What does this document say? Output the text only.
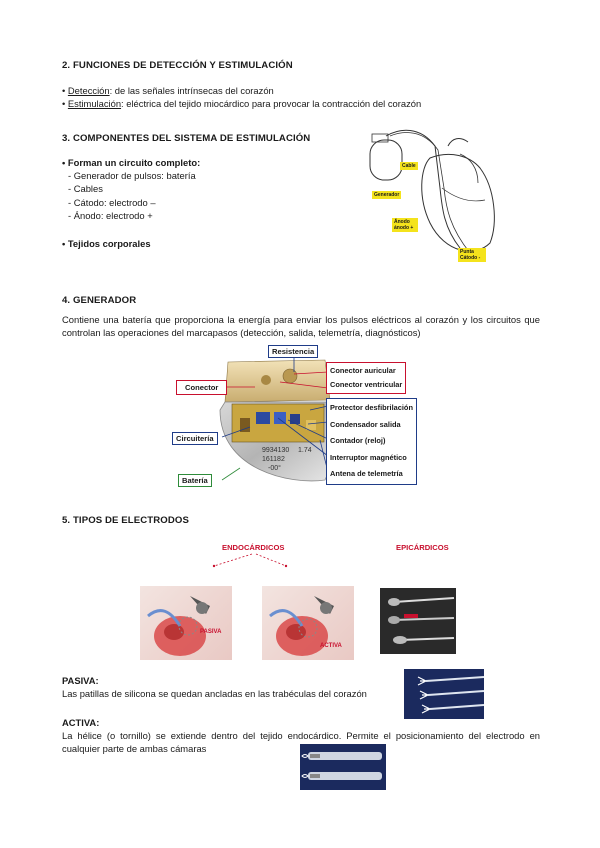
2. FUNCIONES DE DETECCIÓN Y ESTIMULACIÓN
• Detección: de las señales intrínsecas del corazón
• Estimulación: eléctrica del tejido miocárdico para provocar la contracción del corazón
3. COMPONENTES DEL SISTEMA DE ESTIMULACIÓN
• Forman un circuito completo:
- Generador de pulsos: batería
- Cables
- Cátodo: electrodo –
- Ánodo: electrodo +
• Tejidos corporales
Cable
Generador
Ánodo ánodo +
Punta Cátodo -
4. GENERADOR
Contiene una batería que proporciona la energía para enviar los pulsos eléctricos al corazón y los circuitos que controlan las operaciones del marcapasos (detección, salida, telemetría, diagnósticos)
9934130 1.74
161182
-00°
Resistencia
Conector
Circuitería
Batería
Conector auricular
Conector ventricular
Protector desfibrilación
Condensador salida
Contador (reloj)
Interruptor magnético
Antena de telemetría
5. TIPOS DE ELECTRODOS
ENDOCÁRDICOS	EPICÁRDICOS
PASIVA
ACTIVA
PASIVA:
Las patillas de silicona se quedan ancladas en las trabéculas del corazón
ACTIVA:
La hélice (o tornillo) se extiende dentro del tejido endocárdico. Permite el posicionamiento del electrodo en cualquier parte de ambas cámaras
